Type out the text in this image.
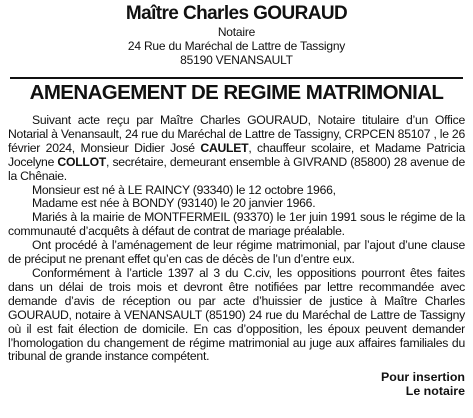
Maître Charles GOURAUD
Notaire
24 Rue du Maréchal de Lattre de Tassigny
85190 VENANSAULT
AMENAGEMENT DE REGIME MATRIMONIAL

Suivant acte reçu par Maître Charles GOURAUD, Notaire titulaire d’un Office Notarial à Venansault, 24 rue du Maréchal de Lattre de Tassigny, CRPCEN 85107 , le 26 février 2024, Monsieur Didier José CAULET, chauffeur scolaire, et Madame Patricia Jocelyne COLLOT, secrétaire, demeurant ensemble à GIVRAND (85800) 28 avenue de la Chênaie.

Monsieur est né à LE RAINCY (93340) le 12 octobre 1966,

Madame est née à BONDY (93140) le 20 janvier 1966.

Mariés à la mairie de MONTFERMEIL (93370) le 1er juin 1991 sous le régime de la communauté d’acquêts à défaut de contrat de mariage préalable.

Ont procédé à l’aménagement de leur régime matrimonial, par l’ajout d’une clause de préciput ne prenant effet qu’en cas de décès de l’un d’entre eux.

Conformément à l’article 1397 al 3 du C.civ, les oppositions pourront êtes faites dans un délai de trois mois et devront être notifiées par lettre recommandée avec demande d’avis de réception ou par acte d’huissier de justice à Maître Charles GOURAUD, notaire à VENANSAULT (85190) 24 rue du Maréchal de Lattre de Tassigny où il est fait élection de domicile. En cas d’opposition, les époux peuvent demander l’homologation du changement de régime matrimonial au juge aux affaires familiales du tribunal de grande instance compétent.

Pour insertion
Le notaire
